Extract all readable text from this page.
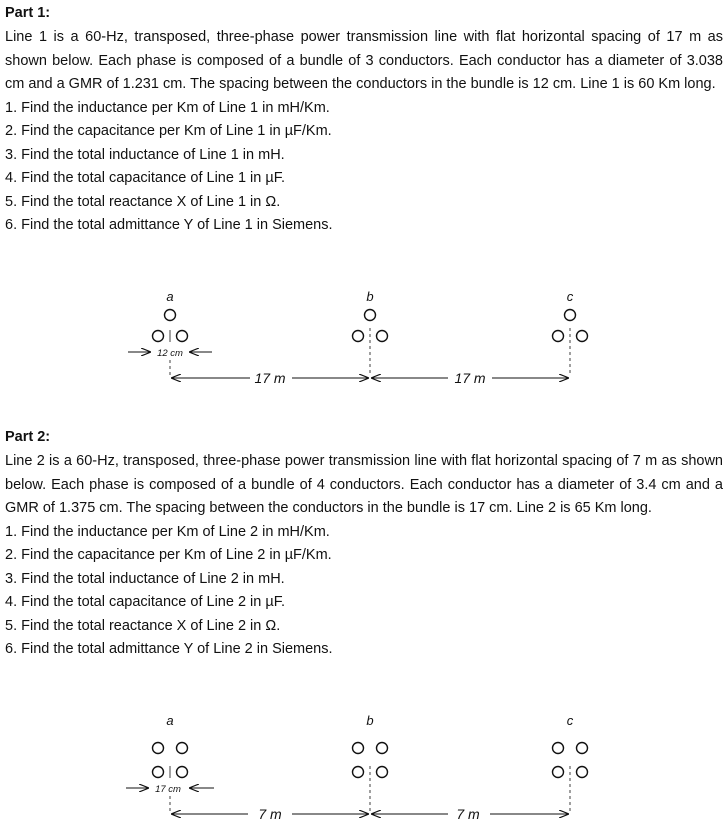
Part 1:

Line 1 is a 60-Hz, transposed, three-phase power transmission line with flat horizontal spacing of 17 m as shown below. Each phase is composed of a bundle of 3 conductors. Each conductor has a diameter of 3.038 cm and a GMR of 1.231 cm. The spacing between the conductors in the bundle is 12 cm. Line 1 is 60 Km long.

1. Find the inductance per Km of Line 1 in mH/Km.

2. Find the capacitance per Km of Line 1 in µF/Km.

3. Find the total inductance of Line 1 in mH.

4. Find the total capacitance of Line 1 in µF.

5. Find the total reactance X of Line 1 in Ω.

6. Find the total admittance Y of Line 1 in Siemens.

a	b	c
12 cm
17 m	17 m

Part 2:

Line 2 is a 60-Hz, transposed, three-phase power transmission line with flat horizontal spacing of 7 m as shown below. Each phase is composed of a bundle of 4 conductors. Each conductor has a diameter of 3.4 cm and a GMR of 1.375 cm. The spacing between the conductors in the bundle is 17 cm. Line 2 is 65 Km long.

1. Find the inductance per Km of Line 2 in mH/Km.

2. Find the capacitance per Km of Line 2 in µF/Km.

3. Find the total inductance of Line 2 in mH.

4. Find the total capacitance of Line 2 in µF.

5. Find the total reactance X of Line 2 in Ω.

6. Find the total admittance Y of Line 2 in Siemens.

a	b	c
17 cm
7 m	7 m
